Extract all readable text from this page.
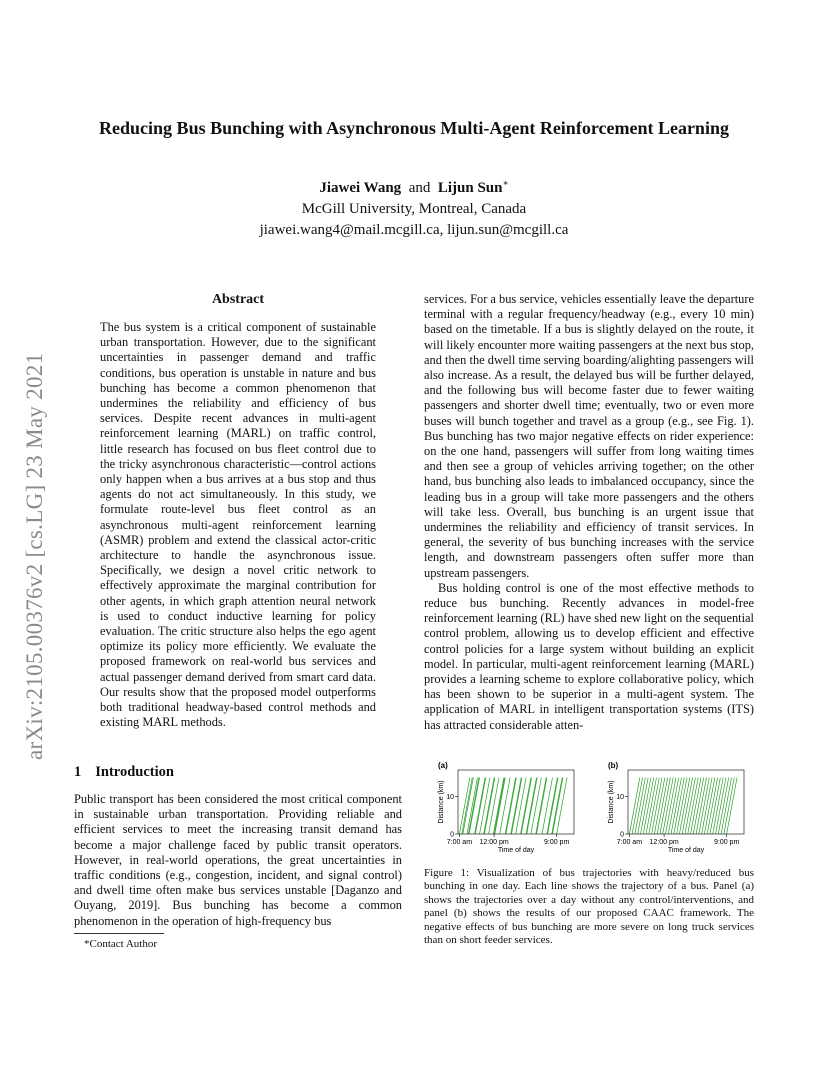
Reducing Bus Bunching with Asynchronous Multi-Agent Reinforcement Learning
Jiawei Wang and Lijun Sun∗
McGill University, Montreal, Canada
jiawei.wang4@mail.mcgill.ca, lijun.sun@mcgill.ca
arXiv:2105.00376v2 [cs.LG] 23 May 2021
Abstract
The bus system is a critical component of sustainable urban transportation. However, due to the significant uncertainties in passenger demand and traffic conditions, bus operation is unstable in nature and bus bunching has become a common phenomenon that undermines the reliability and efficiency of bus services. Despite recent advances in multi-agent reinforcement learning (MARL) on traffic control, little research has focused on bus fleet control due to the tricky asynchronous characteristic—control actions only happen when a bus arrives at a bus stop and thus agents do not act simultaneously. In this study, we formulate route-level bus fleet control as an asynchronous multi-agent reinforcement learning (ASMR) problem and extend the classical actor-critic architecture to handle the asynchronous issue. Specifically, we design a novel critic network to effectively approximate the marginal contribution for other agents, in which graph attention neural network is used to conduct inductive learning for policy evaluation. The critic structure also helps the ego agent optimize its policy more efficiently. We evaluate the proposed framework on real-world bus services and actual passenger demand derived from smart card data. Our results show that the proposed model outperforms both traditional headway-based control methods and existing MARL methods.
1 Introduction
Public transport has been considered the most critical component in sustainable urban transportation. Providing reliable and efficient services to meet the increasing transit demand has become a major challenge faced by public transit operators. However, in real-world operations, the great uncertainties in traffic conditions (e.g., congestion, incident, and signal control) and dwell time often make bus services unstable [Daganzo and Ouyang, 2019]. Bus bunching has become a common phenomenon in the operation of high-frequency bus
*Contact Author

services. For a bus service, vehicles essentially leave the departure terminal with a regular frequency/headway (e.g., every 10 min) based on the timetable. If a bus is slightly delayed on the route, it will likely encounter more waiting passengers at the next bus stop, and then the dwell time serving boarding/alighting passengers will also increase. As a result, the delayed bus will be further delayed, and the following bus will become faster due to fewer waiting passengers and shorter dwell time; eventually, two or even more buses will bunch together and travel as a group (e.g., see Fig. 1). Bus bunching has two major negative effects on rider experience: on the one hand, passengers will suffer from long waiting times and then see a group of vehicles arriving together; on the other hand, bus bunching also leads to imbalanced occupancy, since the leading bus in a group will take more passengers and the others will take less. Overall, bus bunching is an urgent issue that undermines the reliability and efficiency of transit services. In general, the severity of bus bunching increases with the service length, and downstream passengers often suffer more than upstream passengers.

Bus holding control is one of the most effective methods to reduce bus bunching. Recently advances in model-free reinforcement learning (RL) have shed new light on the sequential control problem, allowing us to develop efficient and effective control policies for a large system without building an explicit model. In particular, multi-agent reinforcement learning (MARL) provides a learning scheme to explore collaborative policy, which has been shown to be superior in a multi-agent system. The application of MARL in intelligent transportation systems (ITS) has attracted considerable atten-

(a)
0
10
7:00 am 12:00 pm	9:00 pm
Time of day
Distance (km)
(b)
0
10
7:00 am 12:00 pm	9:00 pm
Time of day
Distance (km)
Figure 1: Visualization of bus trajectories with heavy/reduced bus bunching in one day. Each line shows the trajectory of a bus. Panel (a) shows the trajectories over a day without any control/interventions, and panel (b) shows the results of our proposed CAAC framework. The negative effects of bus bunching are more severe on long truck services than on short feeder services.
